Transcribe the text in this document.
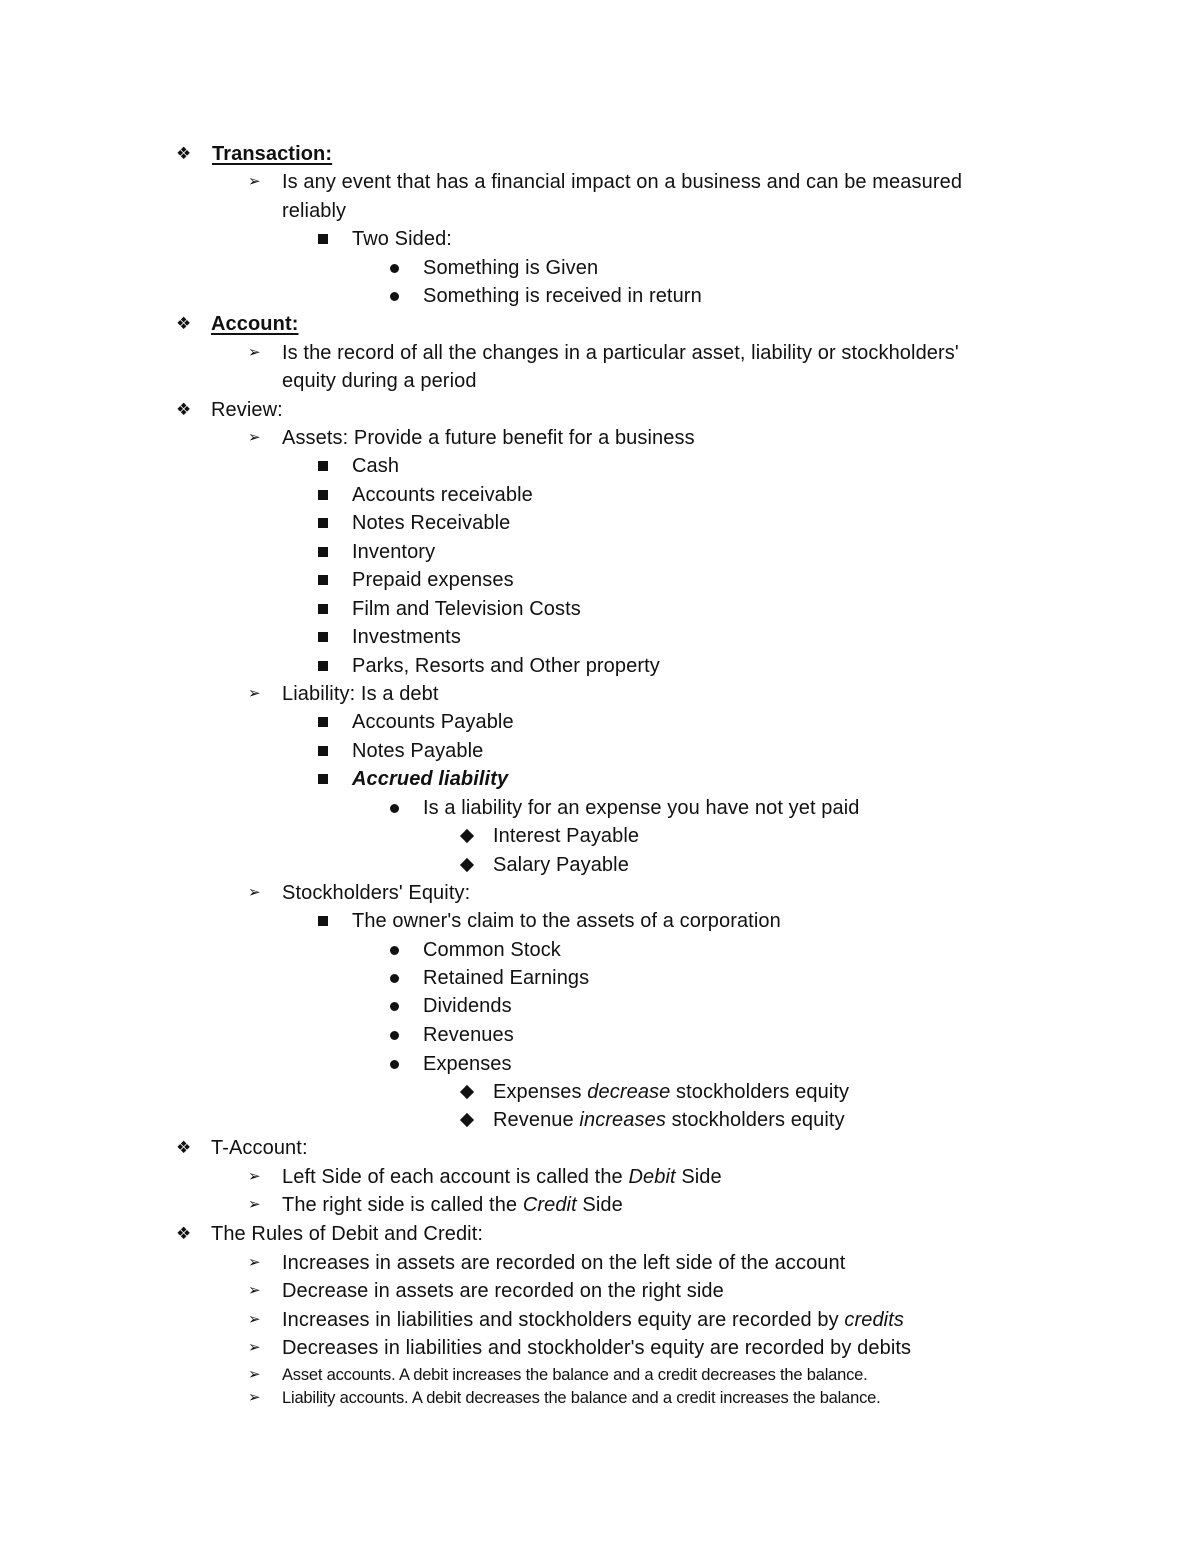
❖ Transaction:
➢ Is any event that has a financial impact on a business and can be measured
reliably
Two Sided:
Something is Given
Something is received in return
❖ Account:
➢ Is the record of all the changes in a particular asset, liability or stockholders'
equity during a period
❖ Review:
➢ Assets: Provide a future benefit for a business
Cash
Accounts receivable
Notes Receivable
Inventory
Prepaid expenses
Film and Television Costs
Investments
Parks, Resorts and Other property
➢ Liability: Is a debt
Accounts Payable
Notes Payable
Accrued liability
Is a liability for an expense you have not yet paid
Interest Payable
Salary Payable
➢ Stockholders' Equity:
The owner's claim to the assets of a corporation
Common Stock
Retained Earnings
Dividends
Revenues
Expenses
Expenses decrease stockholders equity
Revenue increases stockholders equity
❖ T-Account:
➢ Left Side of each account is called the Debit Side
➢ The right side is called the Credit Side
❖ The Rules of Debit and Credit:
➢ Increases in assets are recorded on the left side of the account
➢ Decrease in assets are recorded on the right side
➢ Increases in liabilities and stockholders equity are recorded by credits
➢ Decreases in liabilities and stockholder's equity are recorded by debits
➢ Asset accounts. A debit increases the balance and a credit decreases the balance.
➢ Liability accounts. A debit decreases the balance and a credit increases the balance.
